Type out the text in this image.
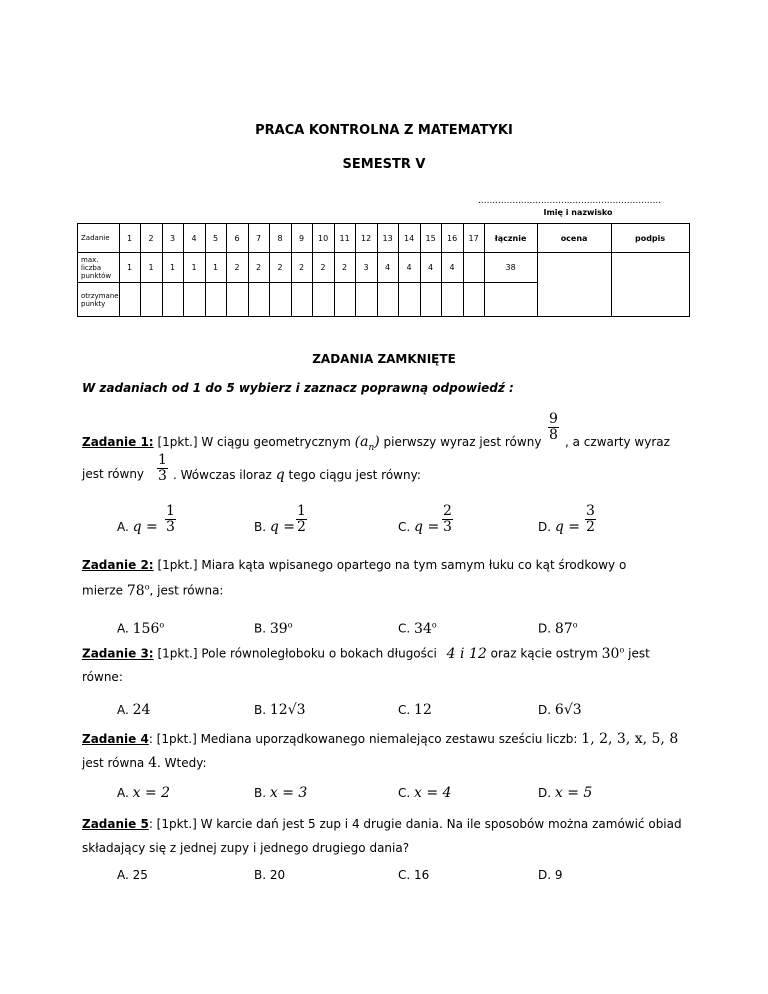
PRACA KONTROLNA Z MATEMATYKI
SEMESTR V
................................................................
Imię i nazwisko
Zadanie	1	2	3	4	5	6	7	8	9	10	11	12	13	14	15	16	17	łącznie	ocena	podpis
max. liczba punktów	1	1	1	1	1	2	2	2	2	2	2	3	4	4	4	4		38		
otrzymane punkty																				
ZADANIA ZAMKNIĘTE
W zadaniach od 1 do 5 wybierz i zaznacz poprawną odpowiedź :
Zadanie 1: [1pkt.] W ciągu geometrycznym $(a_n)$ pierwszy wyraz jest równy $\frac{9}{8}$ , a czwarty wyraz
jest równy $\frac{1}{3}$ . Wówczas iloraz q tego ciągu jest równy:
A. $q = \frac{1}{3}$	B. $q = \frac{1}{2}$	C. $q = \frac{2}{3}$	D. $q = \frac{3}{2}$
Zadanie 2: [1pkt.] Miara kąta wpisanego opartego na tym samym łuku co kąt środkowy o
mierze 78$^o$, jest równa:
A. 156$^o$	B. 39$^o$	C. 34$^o$	D. 87$^o$
Zadanie 3: [1pkt.] Pole równoległoboku o bokach długości 4 i 12 oraz kącie ostrym 30$^o$ jest
równe:
A. 24	B. 12√3	C. 12	D. 6√3
Zadanie 4: [1pkt.] Mediana uporządkowanego niemalejąco zestawu sześciu liczb: 1, 2, 3, x, 5, 8
jest równa 4. Wtedy:
A. x = 2	B. x = 3	C. x = 4	D. x = 5
Zadanie 5: [1pkt.] W karcie dań jest 5 zup i 4 drugie dania. Na ile sposobów można zamówić obiad
składający się z jednej zupy i jednego drugiego dania?
A. 25	B. 20	C. 16	D. 9
